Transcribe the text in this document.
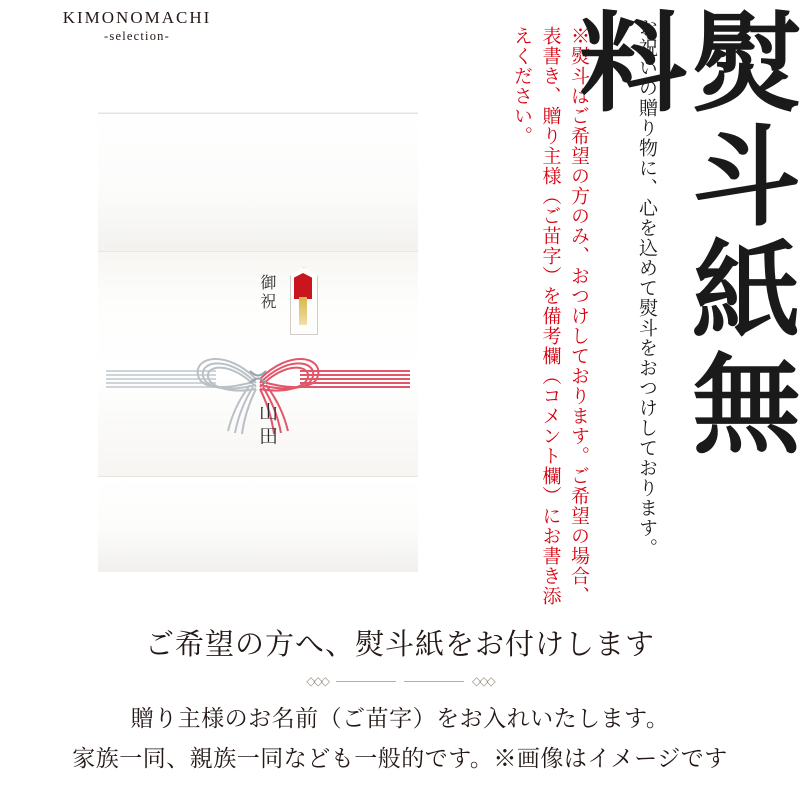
KIMONOMACHI
-selection-
御祝
山田	お祝いの贈り物に、心を込めて熨斗をおつけしております。
※熨斗はご希望の方のみ、おつけしております。ご希望の場合、表書き、贈り主様（ご苗字）を備考欄（コメント欄）にお書き添えください。	熨斗紙無料
ご希望の方へ、熨斗紙をお付けします
◇◇◇	◇◇◇
贈り主様のお名前（ご苗字）をお入れいたします。
家族一同、親族一同なども一般的です。※画像はイメージです
